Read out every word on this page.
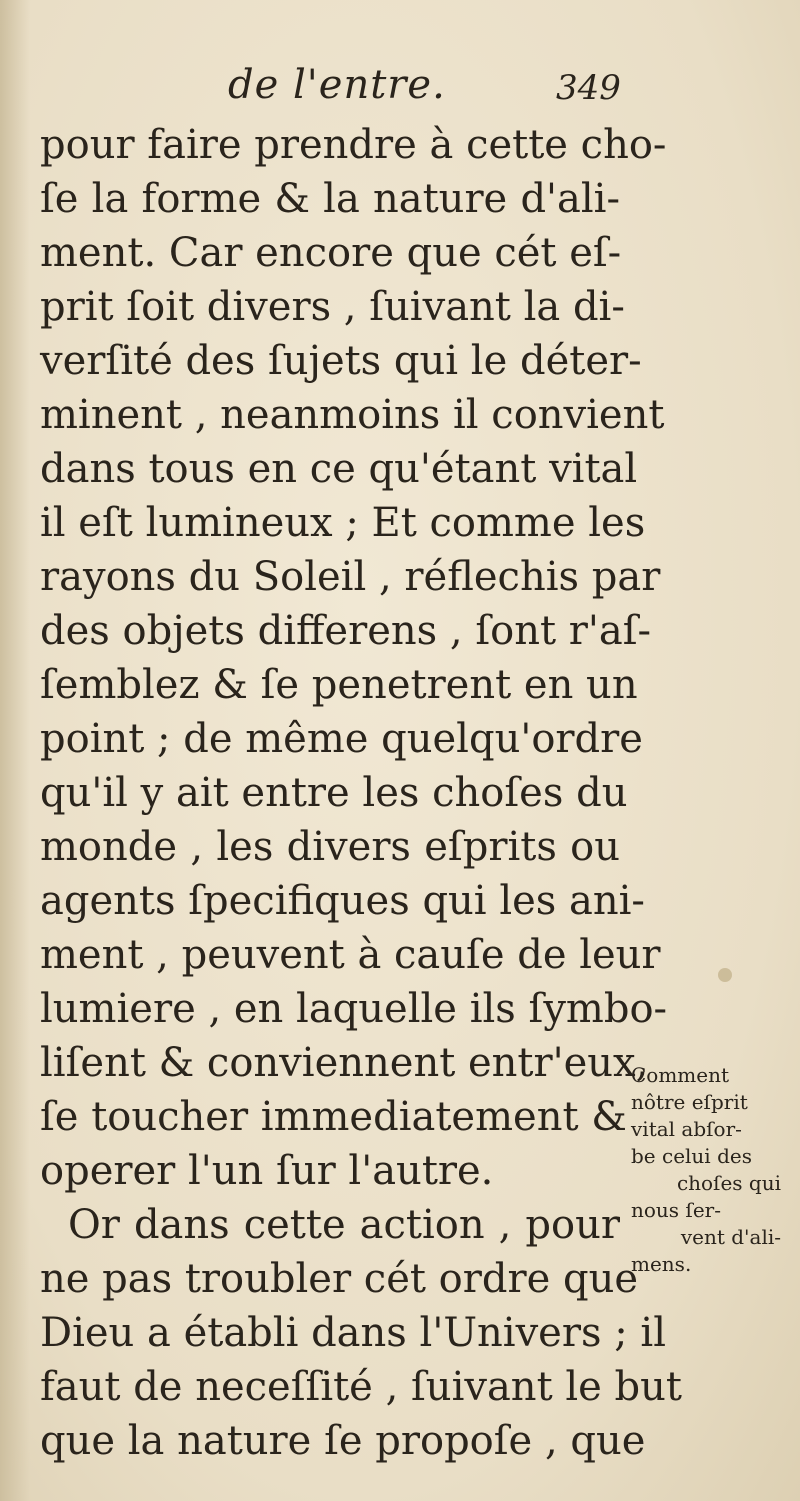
de l'entre.	349
pour faire prendre à cette cho-
ſe la forme & la nature d'ali-
ment. Car encore que cét eſ-
prit ſoit divers , ſuivant la di-
verſité des ſujets qui le déter-
minent , neanmoins il convient
dans tous en ce qu'étant vital
il eſt lumineux ; Et comme les
rayons du Soleil , réflechis par
des objets differens , ſont r'aſ-
ſemblez & ſe penetrent en un
point ; de même quelqu'ordre
qu'il y ait entre les choſes du
monde , les divers eſprits ou
agents ſpecifiques qui les ani-
ment , peuvent à cauſe de leur
lumiere , en laquelle ils ſymbo-
liſent & conviennent entr'eux,
ſe toucher immediatement &
operer l'un ſur l'autre.
Or dans cette action , pour
ne pas troubler cét ordre que
Dieu a établi dans l'Univers ; il
faut de neceſſité , ſuivant le but
que la nature ſe propoſe , que
Comment
nôtre eſprit
vital abſor-
be celui des
choſes qui
nous ſer-
vent d'ali-
mens.
